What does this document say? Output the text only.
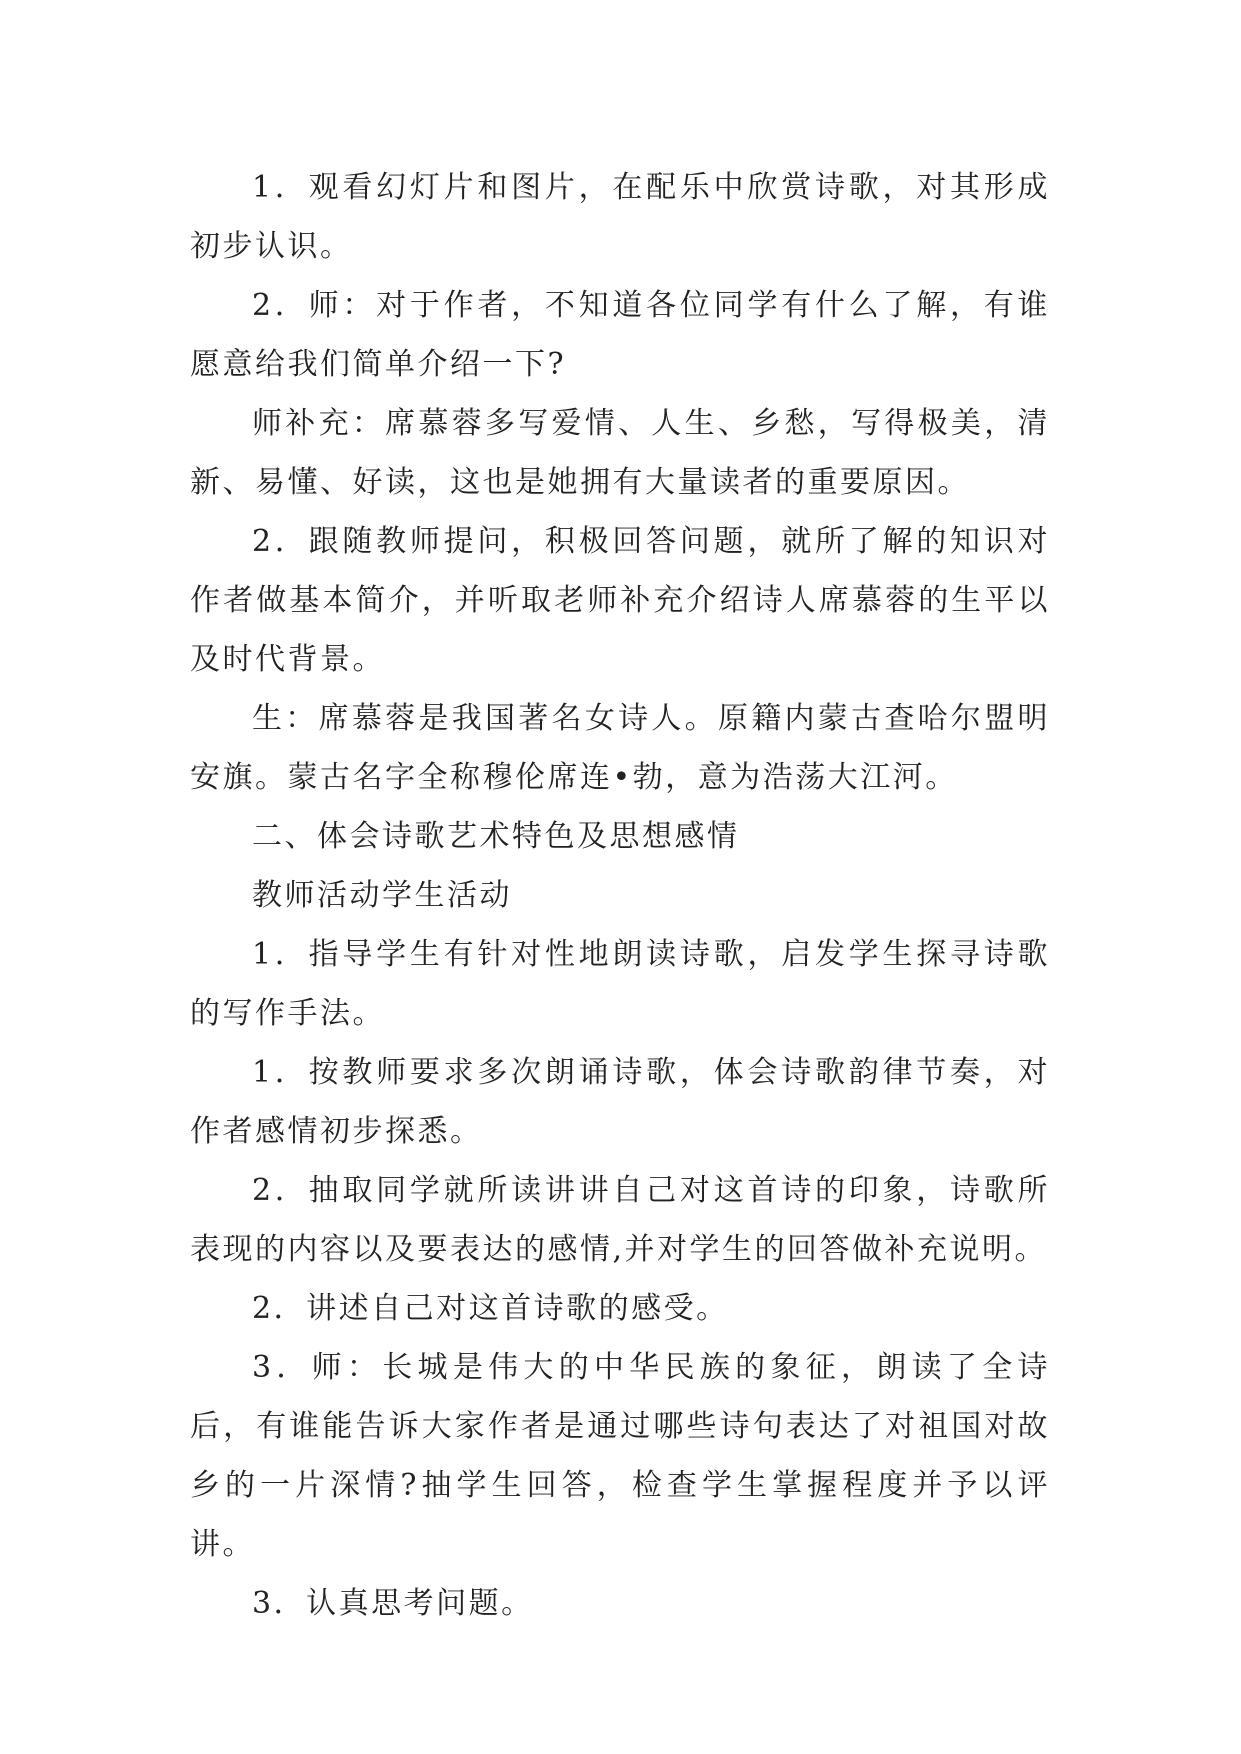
1．观看幻灯片和图片，在配乐中欣赏诗歌，对其形成初步认识。

2．师：对于作者，不知道各位同学有什么了解，有谁愿意给我们简单介绍一下?

师补充：席慕蓉多写爱情、人生、乡愁，写得极美，清新、易懂、好读，这也是她拥有大量读者的重要原因。

2．跟随教师提问，积极回答问题，就所了解的知识对作者做基本简介，并听取老师补充介绍诗人席慕蓉的生平以及时代背景。

生：席慕蓉是我国著名女诗人。原籍内蒙古查哈尔盟明安旗。蒙古名字全称穆伦席连•勃，意为浩荡大江河。

二、体会诗歌艺术特色及思想感情

教师活动学生活动

1．指导学生有针对性地朗读诗歌，启发学生探寻诗歌的写作手法。

1．按教师要求多次朗诵诗歌，体会诗歌韵律节奏，对作者感情初步探悉。

2．抽取同学就所读讲讲自己对这首诗的印象，诗歌所表现的内容以及要表达的感情,并对学生的回答做补充说明。

2．讲述自己对这首诗歌的感受。

3．师：长城是伟大的中华民族的象征，朗读了全诗后，有谁能告诉大家作者是通过哪些诗句表达了对祖国对故乡的一片深情?抽学生回答，检查学生掌握程度并予以评讲。

3．认真思考问题。
